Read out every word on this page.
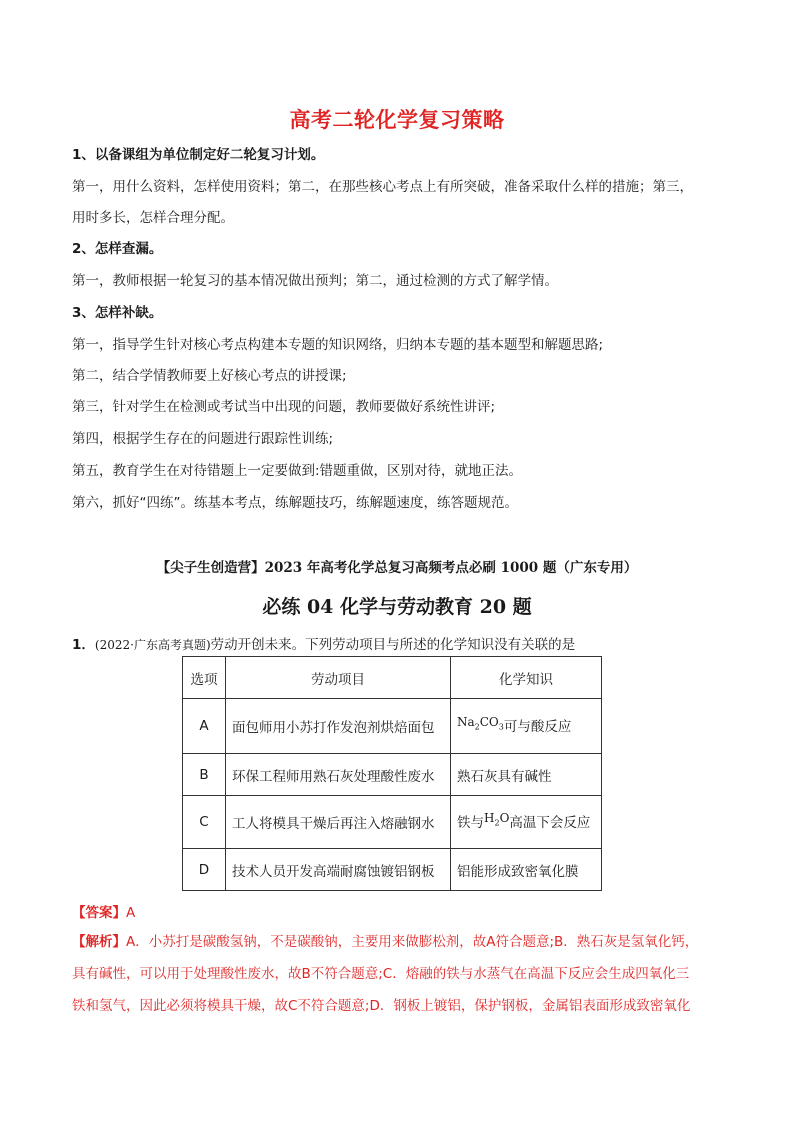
高考二轮化学复习策略
1、以备课组为单位制定好二轮复习计划。
第一，用什么资料，怎样使用资料；第二，在那些核心考点上有所突破，准备采取什么样的措施；第三，
用时多长，怎样合理分配。
2、怎样查漏。
第一，教师根据一轮复习的基本情况做出预判；第二，通过检测的方式了解学情。
3、怎样补缺。
第一，指导学生针对核心考点构建本专题的知识网络，归纳本专题的基本题型和解题思路;
第二，结合学情教师要上好核心考点的讲授课;
第三，针对学生在检测或考试当中出现的问题，教师要做好系统性讲评;
第四，根据学生存在的问题进行跟踪性训练;
第五，教育学生在对待错题上一定要做到:错题重做，区别对待，就地正法。
第六，抓好“四练”。练基本考点，练解题技巧，练解题速度，练答题规范。
【尖子生创造营】2023 年高考化学总复习高频考点必刷 1000 题（广东专用）
必练 04 化学与劳动教育 20 题
1．(2022·广东高考真题)劳动开创未来。下列劳动项目与所述的化学知识没有关联的是
选项	劳动项目	化学知识
A	面包师用小苏打作发泡剂烘焙面包	$Na_2CO_3$可与酸反应
B	环保工程师用熟石灰处理酸性废水	熟石灰具有碱性
C	工人将模具干燥后再注入熔融钢水	铁与$H_2O$高温下会反应
D	技术人员开发高端耐腐蚀镀铝钢板	铝能形成致密氧化膜
【答案】A
【解析】A．小苏打是碳酸氢钠，不是碳酸钠，主要用来做膨松剂，故A符合题意;B．熟石灰是氢氧化钙，
具有碱性，可以用于处理酸性废水，故B不符合题意;C．熔融的铁与水蒸气在高温下反应会生成四氧化三
铁和氢气，因此必须将模具干燥，故C不符合题意;D．钢板上镀铝，保护钢板，金属铝表面形成致密氧化
